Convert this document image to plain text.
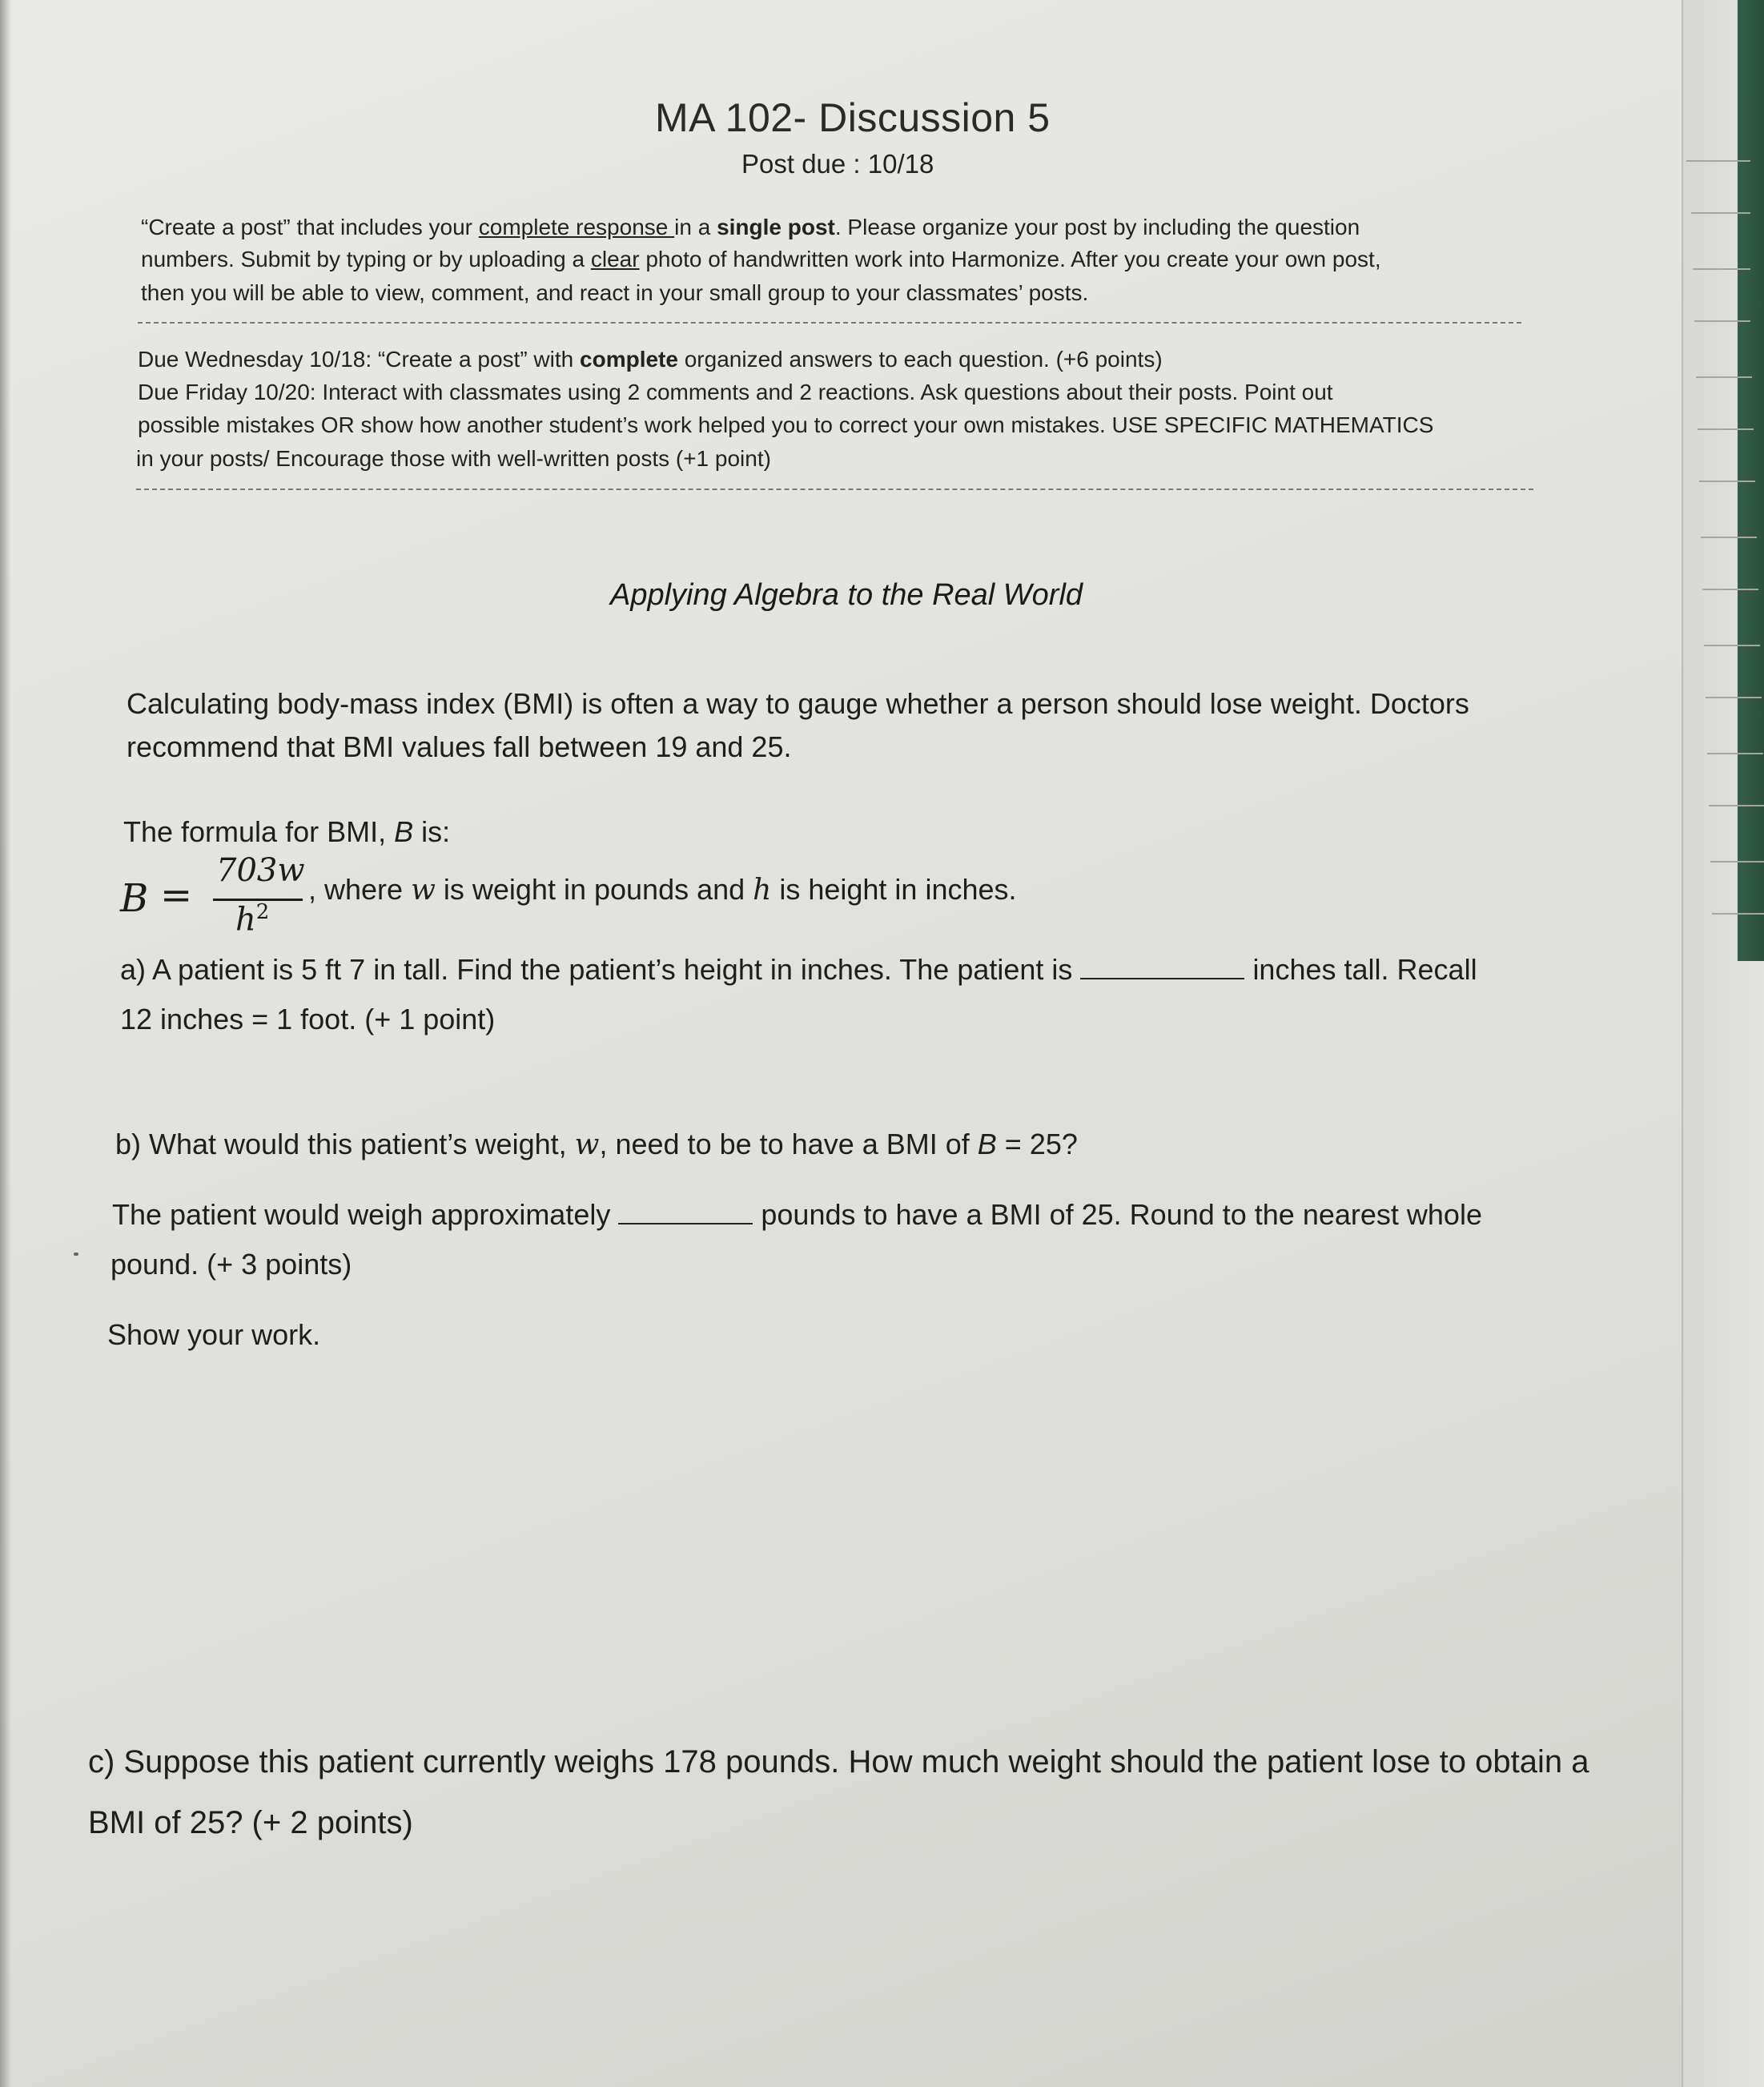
MA 102- Discussion 5
Post due : 10/18
“Create a post” that includes your complete response in a single post. Please organize your post by including the question
numbers. Submit by typing or by uploading a clear photo of handwritten work into Harmonize. After you create your own post,
then you will be able to view, comment, and react in your small group to your classmates’ posts.
Due Wednesday 10/18: “Create a post” with complete organized answers to each question. (+6 points)
Due Friday 10/20: Interact with classmates using 2 comments and 2 reactions. Ask questions about their posts. Point out
possible mistakes OR show how another student’s work helped you to correct your own mistakes. USE SPECIFIC MATHEMATICS
in your posts/ Encourage those with well-written posts (+1 point)
Applying Algebra to the Real World
Calculating body-mass index (BMI) is often a way to gauge whether a person should lose weight. Doctors
recommend that BMI values fall between 19 and 25.
The formula for BMI, B is:
B =
703w
$h^2$
, where w is weight in pounds and h is height in inches.
a) A patient is 5 ft 7 in tall. Find the patient’s height in inches. The patient is	inches tall. Recall
12 inches = 1 foot. (+ 1 point)
b) What would this patient’s weight, w, need to be to have a BMI of B = 25?
The patient would weigh approximately	pounds to have a BMI of 25. Round to the nearest whole
pound. (+ 3 points)
Show your work.
c) Suppose this patient currently weighs 178 pounds. How much weight should the patient lose to obtain a
BMI of 25? (+ 2 points)
